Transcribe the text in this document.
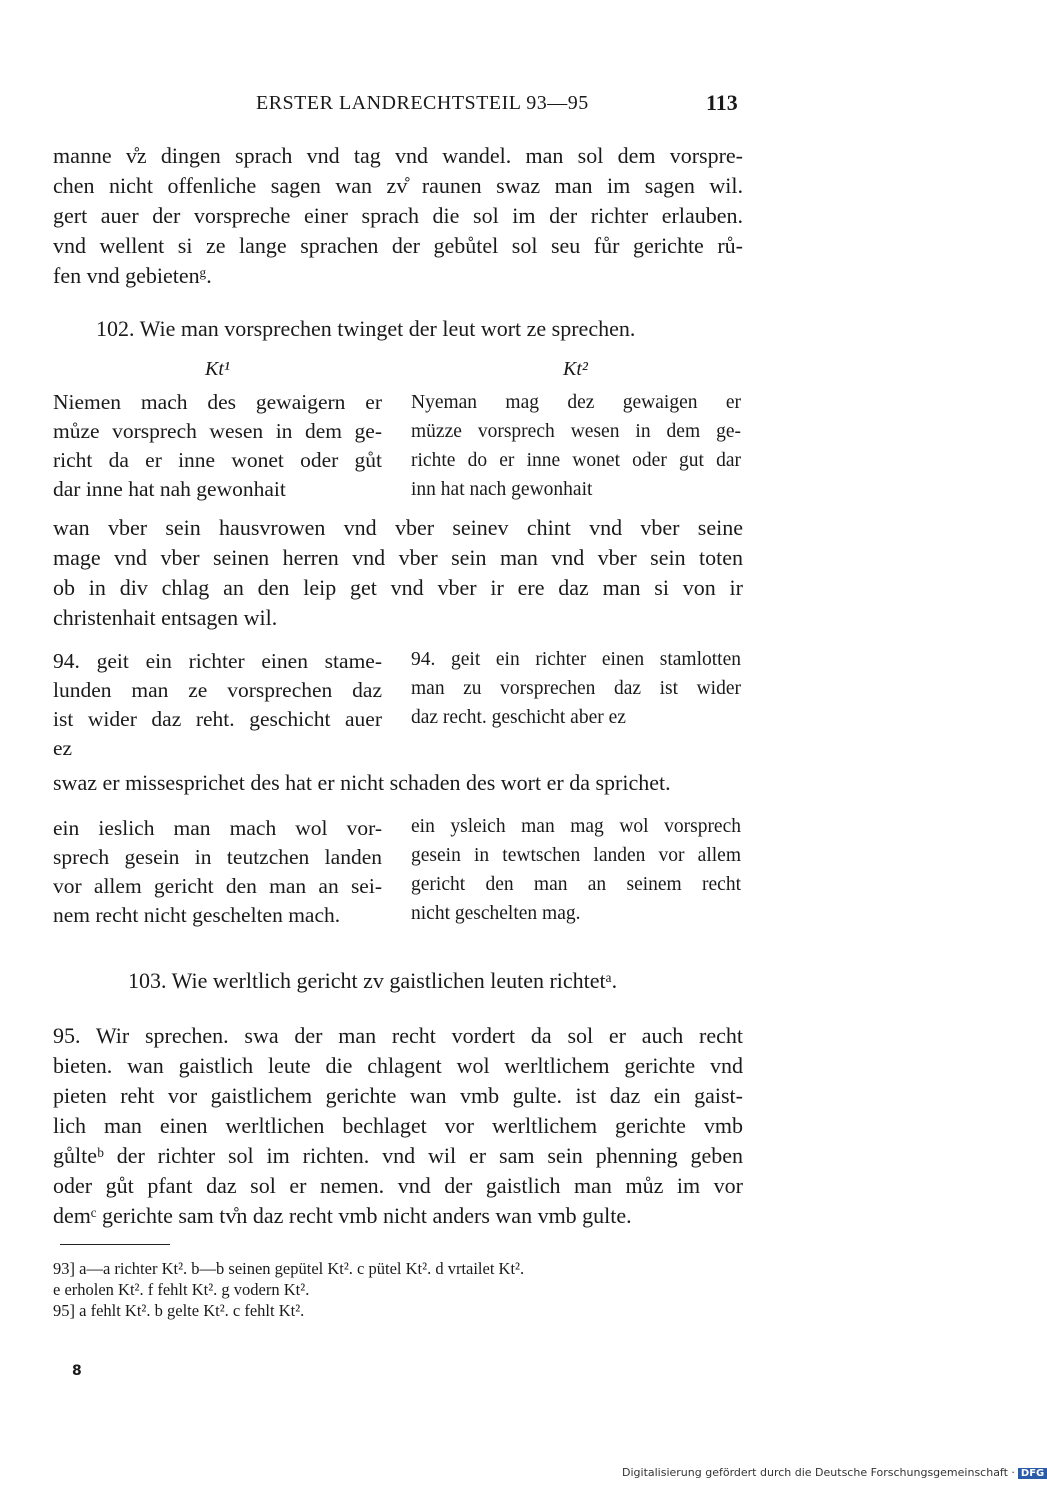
ERSTER LANDRECHTSTEIL 93—95	113
manne v̊z dingen sprach vnd tag vnd wandel. man sol dem vorspre-
chen nicht offenliche sagen wan zv̊ raunen swaz man im sagen wil.
gert auer der vorspreche einer sprach die sol im der richter erlauben.
vnd wellent si ze lange sprachen der gebůtel sol seu fůr gerichte rů-
fen vnd gebietenᵍ.
102. Wie man vorsprechen twinget der leut wort ze sprechen.
Kt¹	Kt²
Niemen mach des gewaigern er
můze vorsprech wesen in dem ge-
richt da er inne wonet oder gůt
dar inne hat nah gewonhait
Nyeman mag dez gewaigen er
müzze vorsprech wesen in dem ge-
richte do er inne wonet oder gut dar
inn hat nach gewonhait
wan vber sein hausvrowen vnd vber seinev chint vnd vber seine
mage vnd vber seinen herren vnd vber sein man vnd vber sein toten
ob in div chlag an den leip get vnd vber ir ere daz man si von ir
christenhait entsagen wil.
94. geit ein richter einen stame-
lunden man ze vorsprechen daz
ist wider daz reht. geschicht auer
ez
94. geit ein richter einen stamlotten
man zu vorsprechen daz ist wider
daz recht. geschicht aber ez
swaz er missesprichet des hat er nicht schaden des wort er da sprichet.
ein ieslich man mach wol vor-
sprech gesein in teutzchen landen
vor allem gericht den man an sei-
nem recht nicht geschelten mach.
ein ysleich man mag wol vorsprech
gesein in tewtschen landen vor allem
gericht den man an seinem recht
nicht geschelten mag.
103. Wie werltlich gericht zv gaistlichen leuten richtetᵃ.
95. Wir sprechen. swa der man recht vordert da sol er auch recht
bieten. wan gaistlich leute die chlagent wol werltlichem gerichte vnd
pieten reht vor gaistlichem gerichte wan vmb gulte. ist daz ein gaist-
lich man einen werltlichen bechlaget vor werltlichem gerichte vmb
gůlteᵇ der richter sol im richten. vnd wil er sam sein phenning geben
oder gůt pfant daz sol er nemen. vnd der gaistlich man můz im vor
demᶜ gerichte sam tv̊n daz recht vmb nicht anders wan vmb gulte.
93] a—a richter Kt². b—b seinen gepütel Kt². c pütel Kt². d vrtailet Kt².
e erholen Kt². f fehlt Kt². g vodern Kt².
95] a fehlt Kt². b gelte Kt². c fehlt Kt².
8
Digitalisierung gefördert durch die Deutsche Forschungsgemeinschaft · DFG
